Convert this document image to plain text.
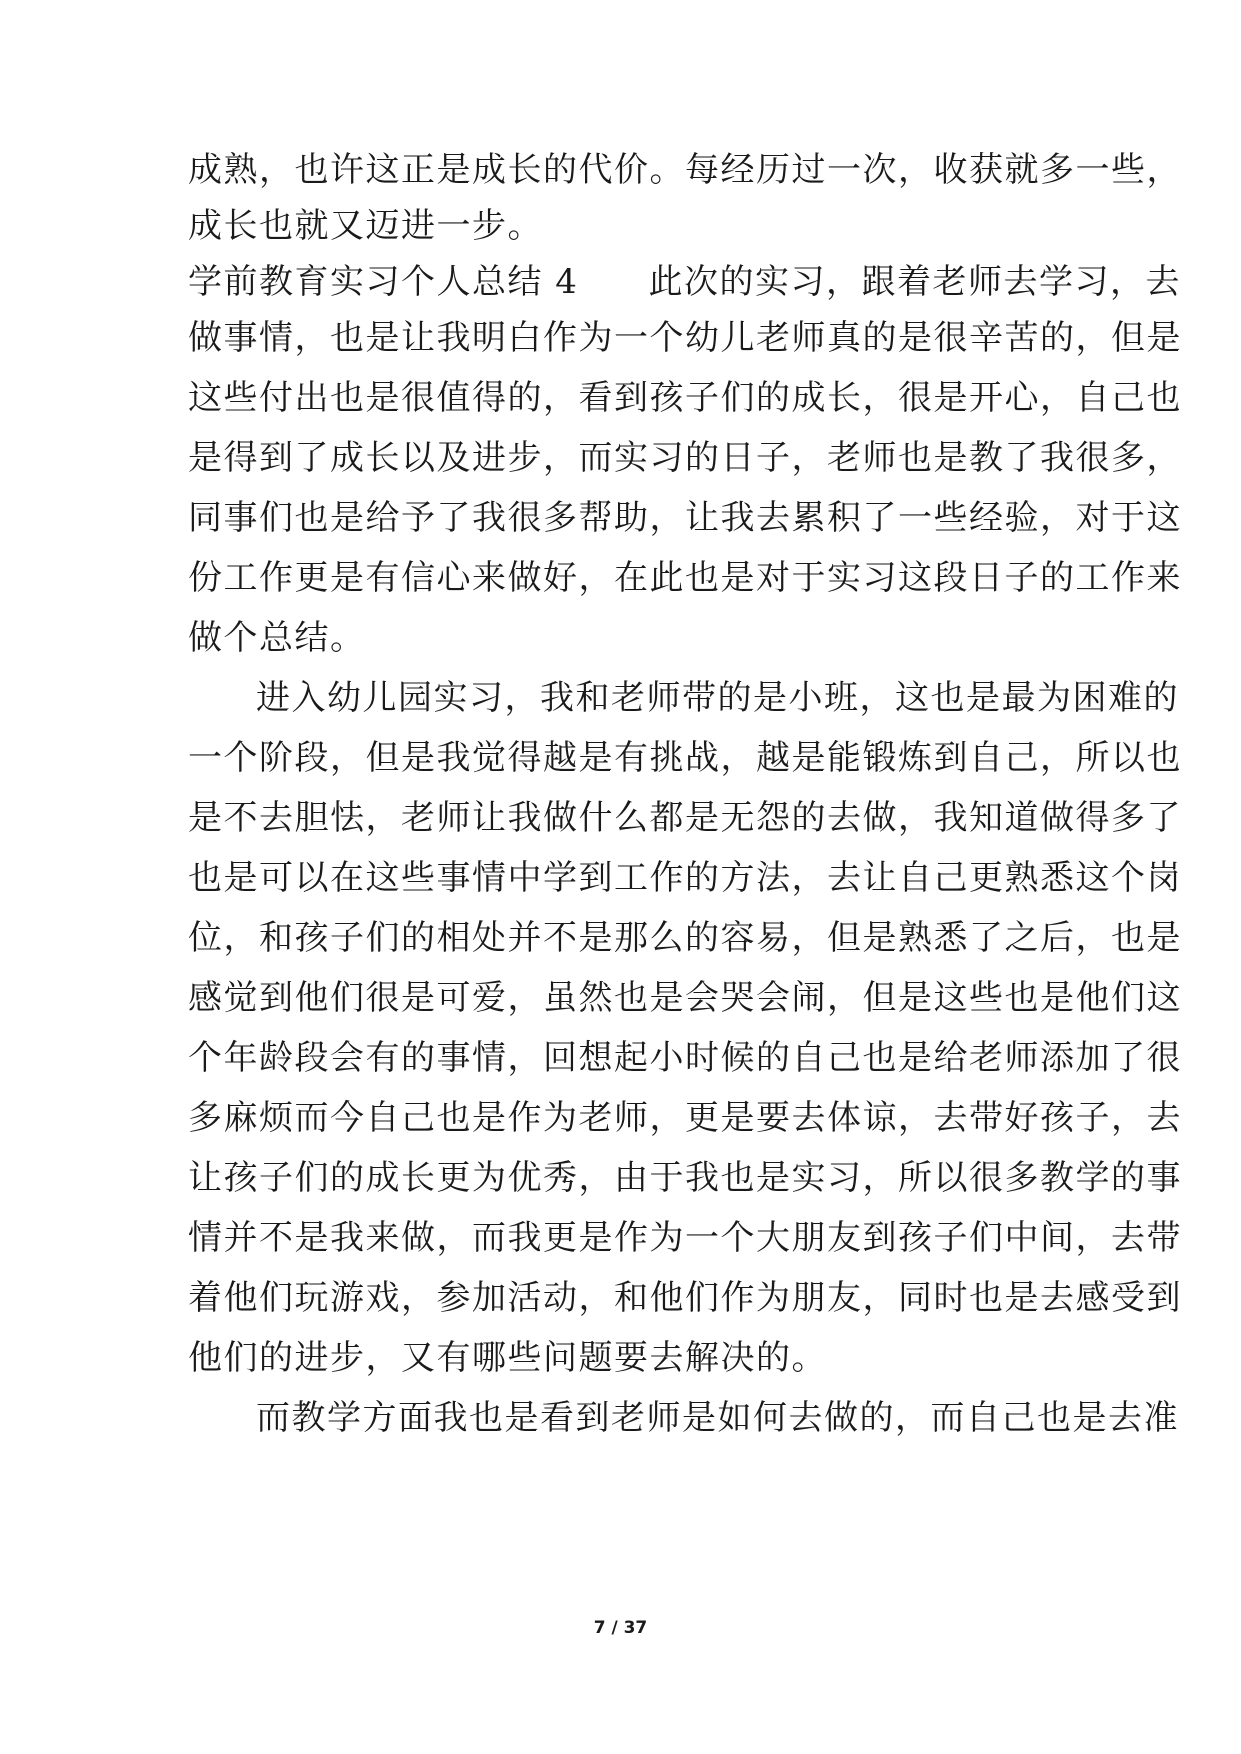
成熟，也许这正是成长的代价。每经历过一次，收获就多一些，
成长也就又迈进一步。
学前教育实习个人总结 4 此次的实习，跟着老师去学习，去
做事情，也是让我明白作为一个幼儿老师真的是很辛苦的，但是
这些付出也是很值得的，看到孩子们的成长，很是开心，自己也
是得到了成长以及进步，而实习的日子，老师也是教了我很多，
同事们也是给予了我很多帮助，让我去累积了一些经验，对于这
份工作更是有信心来做好，在此也是对于实习这段日子的工作来
做个总结。
进入幼儿园实习，我和老师带的是小班，这也是最为困难的
一个阶段，但是我觉得越是有挑战，越是能锻炼到自己，所以也
是不去胆怯，老师让我做什么都是无怨的去做，我知道做得多了
也是可以在这些事情中学到工作的方法，去让自己更熟悉这个岗
位，和孩子们的相处并不是那么的容易，但是熟悉了之后，也是
感觉到他们很是可爱，虽然也是会哭会闹，但是这些也是他们这
个年龄段会有的事情，回想起小时候的自己也是给老师添加了很
多麻烦而今自己也是作为老师，更是要去体谅，去带好孩子，去
让孩子们的成长更为优秀，由于我也是实习，所以很多教学的事
情并不是我来做，而我更是作为一个大朋友到孩子们中间，去带
着他们玩游戏，参加活动，和他们作为朋友，同时也是去感受到
他们的进步，又有哪些问题要去解决的。
而教学方面我也是看到老师是如何去做的，而自己也是去准
7 / 37
